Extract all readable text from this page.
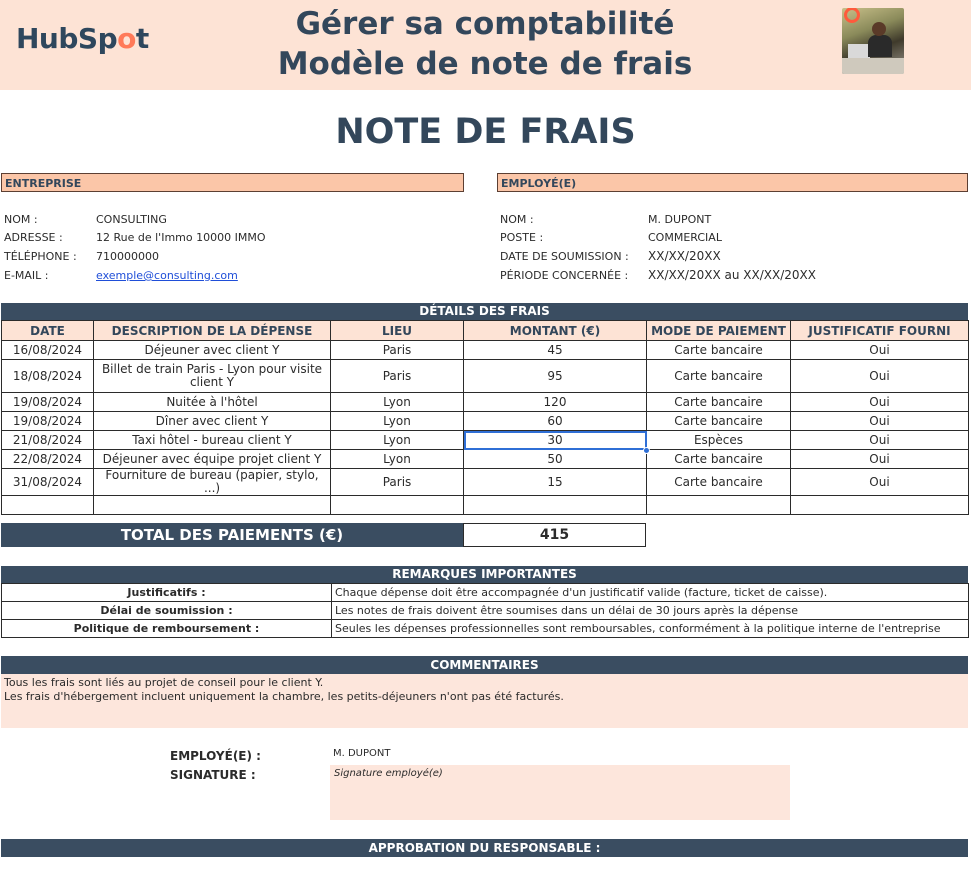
HubSpot	Gérer sa comptabilité
Modèle de note de frais
NOTE DE FRAIS
ENTREPRISE
NOM :	CONSULTING
ADRESSE :	12 Rue de l'Immo 10000 IMMO
TÉLÉPHONE : 710000000
E-MAIL :	exemple@consulting.com
EMPLOYÉ(E)
NOM :	M. DUPONT
POSTE :	COMMERCIAL
DATE DE SOUMISSION : XX/XX/20XX
PÉRIODE CONCERNÉE : XX/XX/20XX au XX/XX/20XX
DÉTAILS DES FRAIS
DATE	DESCRIPTION DE LA DÉPENSE	LIEU	MONTANT (€)	MODE DE PAIEMENT	JUSTIFICATIF FOURNI
16/08/2024	Déjeuner avec client Y	Paris	45	Carte bancaire	Oui
18/08/2024	Billet de train Paris - Lyon pour visite client Y	Paris	95	Carte bancaire	Oui
19/08/2024	Nuitée à l'hôtel	Lyon	120	Carte bancaire	Oui
19/08/2024	Dîner avec client Y	Lyon	60	Carte bancaire	Oui
21/08/2024	Taxi hôtel - bureau client Y	Lyon	30	Espèces	Oui
22/08/2024	Déjeuner avec équipe projet client Y	Lyon	50	Carte bancaire	Oui
31/08/2024	Fourniture de bureau (papier, stylo, ...)	Paris	15	Carte bancaire	Oui

TOTAL DES PAIEMENTS (€)	415
REMARQUES IMPORTANTES
Justificatifs :	Chaque dépense doit être accompagnée d'un justificatif valide (facture, ticket de caisse).
Délai de soumission :	Les notes de frais doivent être soumises dans un délai de 30 jours après la dépense
Politique de remboursement :	Seules les dépenses professionnelles sont remboursables, conformément à la politique interne de l'entreprise
COMMENTAIRES
Tous les frais sont liés au projet de conseil pour le client Y.
Les frais d'hébergement incluent uniquement la chambre, les petits-déjeuners n'ont pas été facturés.
EMPLOYÉ(E) :	M. DUPONT
SIGNATURE :	Signature employé(e)
APPROBATION DU RESPONSABLE :
